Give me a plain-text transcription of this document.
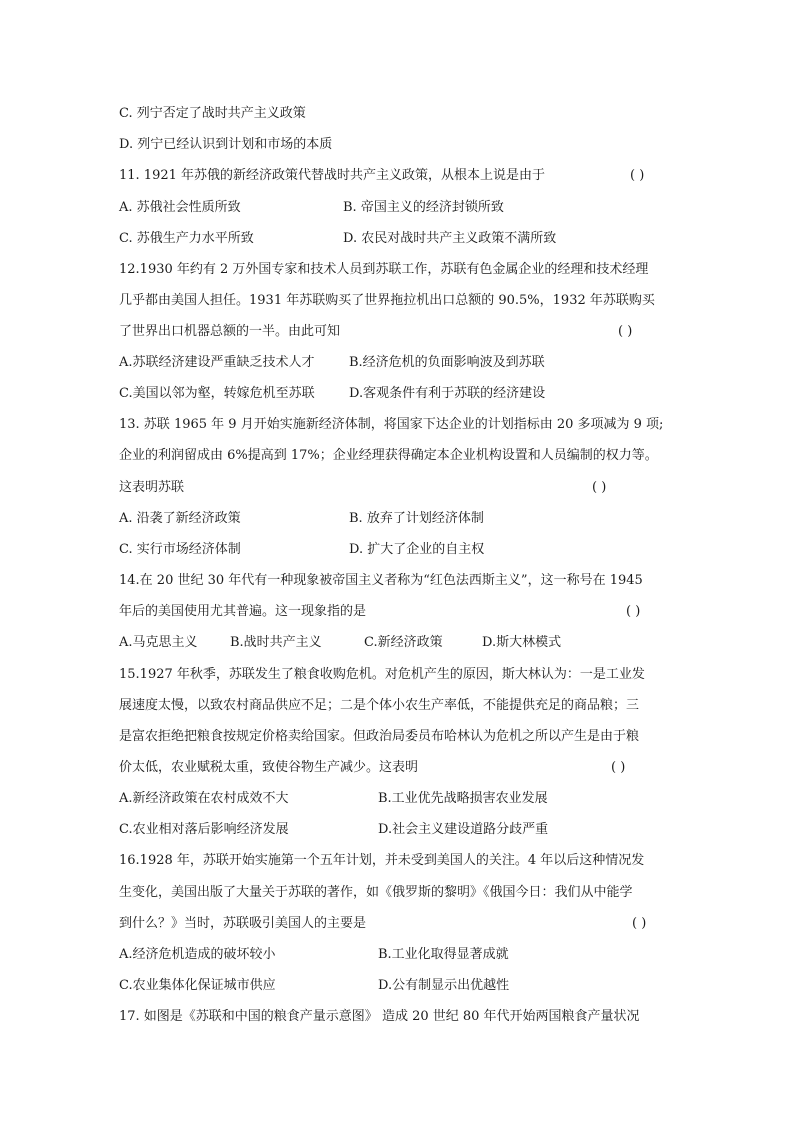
C. 列宁否定了战时共产主义政策
D. 列宁已经认识到计划和市场的本质
11. 1921 年苏俄的新经济政策代替战时共产主义政策，从根本上说是由于	( )
A. 苏俄社会性质所致	B. 帝国主义的经济封锁所致
C. 苏俄生产力水平所致	D. 农民对战时共产主义政策不满所致
12.1930 年约有 2 万外国专家和技术人员到苏联工作，苏联有色金属企业的经理和技术经理
几乎都由美国人担任。1931 年苏联购买了世界拖拉机出口总额的 90.5%，1932 年苏联购买
了世界出口机器总额的一半。由此可知	( )
A.苏联经济建设严重缺乏技术人才	B.经济危机的负面影响波及到苏联
C.美国以邻为壑，转嫁危机至苏联	D.客观条件有利于苏联的经济建设
13. 苏联 1965 年 9 月开始实施新经济体制，将国家下达企业的计划指标由 20 多项减为 9 项;
企业的利润留成由 6%提高到 17%；企业经理获得确定本企业机构设置和人员编制的权力等。
这表明苏联	( )
A. 沿袭了新经济政策	B. 放弃了计划经济体制
C. 实行市场经济体制	D. 扩大了企业的自主权
14.在 20 世纪 30 年代有一种现象被帝国主义者称为“红色法西斯主义”，这一称号在 1945
年后的美国使用尤其普遍。这一现象指的是	( )
A.马克思主义 B.战时共产主义	C.新经济政策	D.斯大林模式
15.1927 年秋季，苏联发生了粮食收购危机。对危机产生的原因，斯大林认为：一是工业发
展速度太慢，以致农村商品供应不足；二是个体小农生产率低，不能提供充足的商品粮；三
是富农拒绝把粮食按规定价格卖给国家。但政治局委员布哈林认为危机之所以产生是由于粮
价太低，农业赋税太重，致使谷物生产减少。这表明	( )
A.新经济政策在农村成效不大	B.工业优先战略损害农业发展
C.农业相对落后影响经济发展	D.社会主义建设道路分歧严重
16.1928 年，苏联开始实施第一个五年计划，并未受到美国人的关注。4 年以后这种情况发
生变化，美国出版了大量关于苏联的著作，如《俄罗斯的黎明》《俄国今日：我们从中能学
到什么？》当时，苏联吸引美国人的主要是	( )
A.经济危机造成的破坏较小	B.工业化取得显著成就
C.农业集体化保证城市供应	D.公有制显示出优越性
17. 如图是《苏联和中国的粮食产量示意图》 造成 20 世纪 80 年代开始两国粮食产量状况
